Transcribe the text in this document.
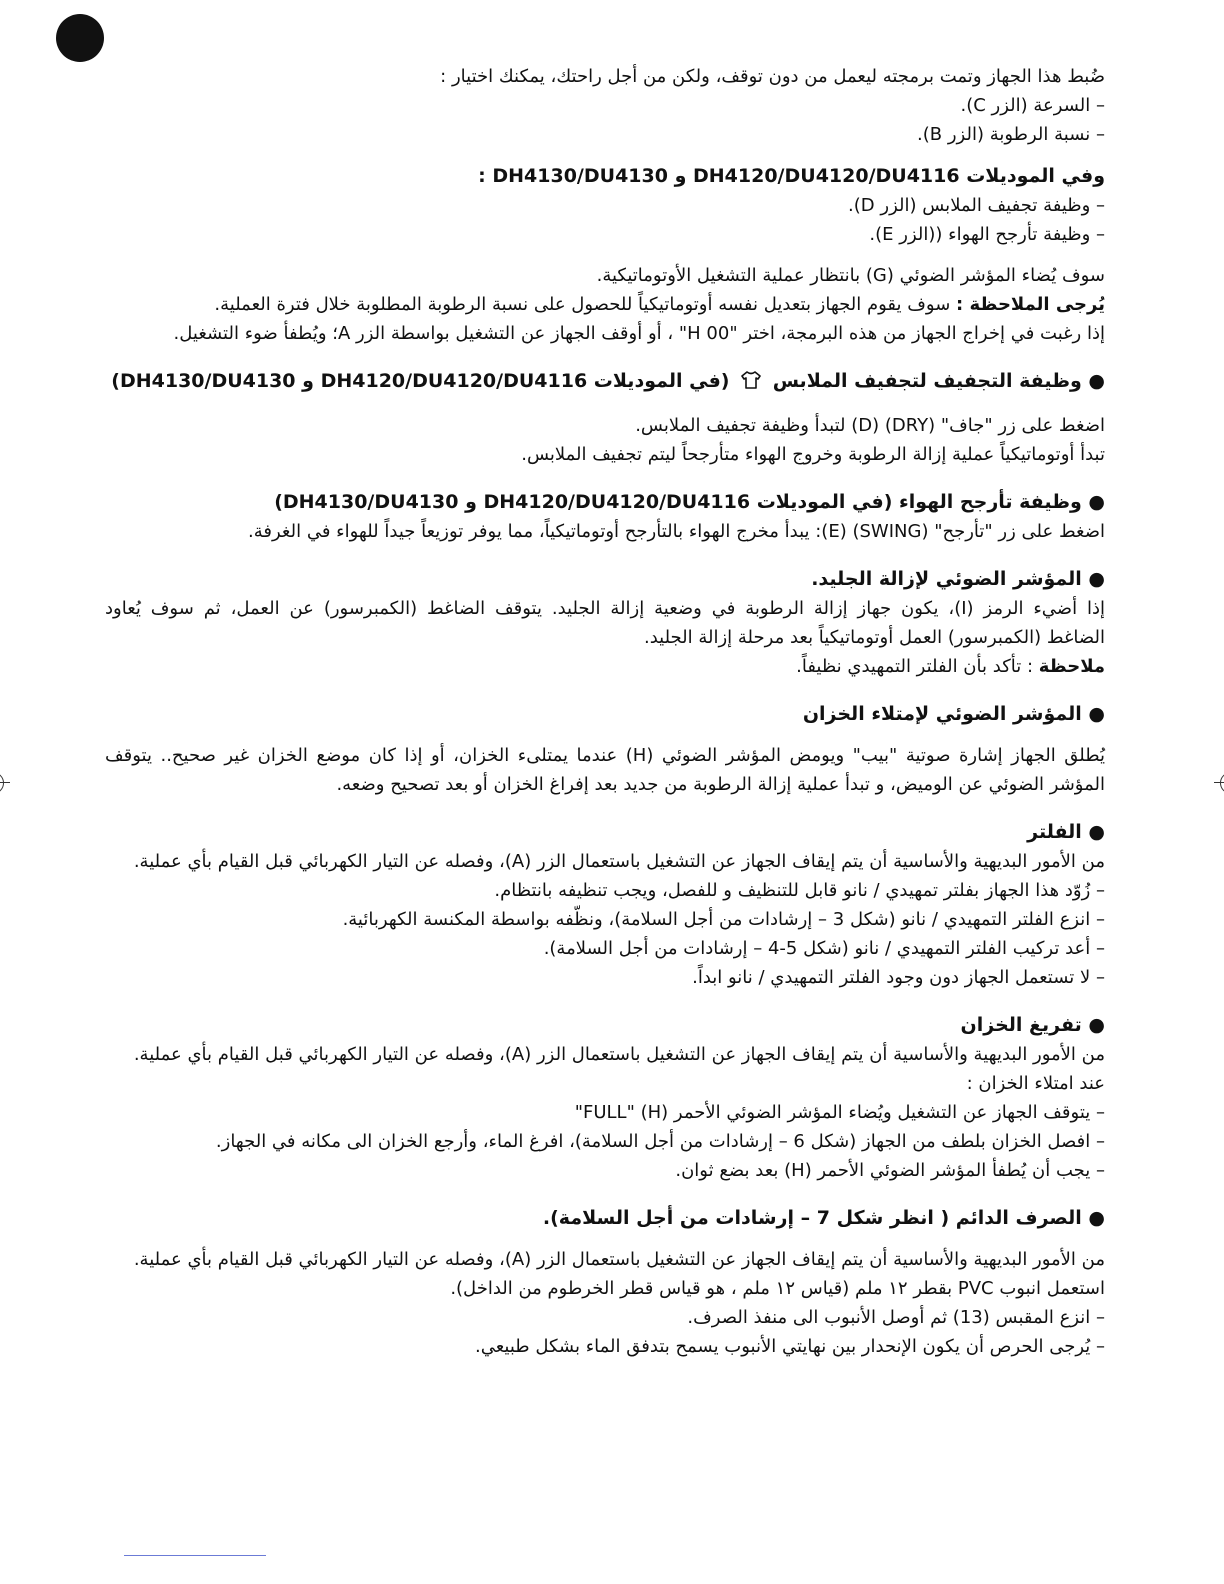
ضُبط هذا الجهاز وتمت برمجته ليعمل من دون توقف، ولكن من أجل راحتك، يمكنك اختيار :
– السرعة (الزر C).
– نسبة الرطوبة (الزر B).
وفي الموديلات DH4120/DU4120/DU4116 و DH4130/DU4130 :
– وظيفة تجفيف الملابس (الزر D).
– وظيفة تأرجح الهواء ((الزر E).
سوف يُضاء المؤشر الضوئي (G) بانتظار عملية التشغيل الأوتوماتيكية.
يُرجى الملاحظة : سوف يقوم الجهاز بتعديل نفسه أوتوماتيكياً للحصول على نسبة الرطوبة المطلوبة خلال فترة العملية.
إذا رغبت في إخراج الجهاز من هذه البرمجة، اختر "H 00" ، أو أوقف الجهاز عن التشغيل بواسطة الزر A؛ ويُطفأ ضوء التشغيل.
● وظيفة التجفيف لتجفيف الملابس  (في الموديلات DH4120/DU4120/DU4116 و DH4130/DU4130)
اضغط على زر "جاف" (DRY) (D) لتبدأ وظيفة تجفيف الملابس.
تبدأ أوتوماتيكياً عملية إزالة الرطوبة وخروج الهواء متأرجحاً ليتم تجفيف الملابس.
● وظيفة تأرجح الهواء (في الموديلات DH4120/DU4120/DU4116 و DH4130/DU4130)
اضغط على زر "تأرجح" (SWING) (E): يبدأ مخرج الهواء بالتأرجح أوتوماتيكياً، مما يوفر توزيعاً جيداً للهواء في الغرفة.
● المؤشر الضوئي لإزالة الجليد.
إذا أضيء الرمز (I)، يكون جهاز إزالة الرطوبة في وضعية إزالة الجليد. يتوقف الضاغط (الكمبرسور) عن العمل، ثم سوف يُعاود
الضاغط (الكمبرسور) العمل أوتوماتيكياً بعد مرحلة إزالة الجليد.
ملاحظة : تأكد بأن الفلتر التمهيدي نظيفاً.
● المؤشر الضوئي لإمتلاء الخزان
يُطلق الجهاز إشارة صوتية "بيب" ويومض المؤشر الضوئي (H) عندما يمتلىء الخزان، أو إذا كان موضع الخزان غير صحيح.. يتوقف
المؤشر الضوئي عن الوميض، و تبدأ عملية إزالة الرطوبة من جديد بعد إفراغ الخزان أو بعد تصحيح وضعه.
● الفلتر
من الأمور البديهية والأساسية أن يتم إيقاف الجهاز عن التشغيل باستعمال الزر (A)، وفصله عن التيار الكهربائي قبل القيام بأي عملية.
– زُوّد هذا الجهاز بفلتر تمهيدي / نانو قابل للتنظيف و للفصل، ويجب تنظيفه بانتظام.
– انزع الفلتر التمهيدي / نانو (شكل 3 – إرشادات من أجل السلامة)، ونظّفه بواسطة المكنسة الكهربائية.
– أعد تركيب الفلتر التمهيدي / نانو (شكل 5-4 – إرشادات من أجل السلامة).
– لا تستعمل الجهاز دون وجود الفلتر التمهيدي / نانو ابداً.
● تفريغ الخزان
من الأمور البديهية والأساسية أن يتم إيقاف الجهاز عن التشغيل باستعمال الزر (A)، وفصله عن التيار الكهربائي قبل القيام بأي عملية.
عند امتلاء الخزان :
– يتوقف الجهاز عن التشغيل ويُضاء المؤشر الضوئي الأحمر (H) "FULL"
– افصل الخزان بلطف من الجهاز (شكل 6 – إرشادات من أجل السلامة)، افرغ الماء، وأرجع الخزان الى مكانه في الجهاز.
– يجب أن يُطفأ المؤشر الضوئي الأحمر (H) بعد بضع ثوان.
● الصرف الدائم ( انظر شكل 7 – إرشادات من أجل السلامة).
من الأمور البديهية والأساسية أن يتم إيقاف الجهاز عن التشغيل باستعمال الزر (A)، وفصله عن التيار الكهربائي قبل القيام بأي عملية.
استعمل انبوب PVC بقطر ١٢ ملم (قياس ١٢ ملم ، هو قياس قطر الخرطوم من الداخل).
– انزع المقبس (13) ثم أوصل الأنبوب الى منفذ الصرف.
– يُرجى الحرص أن يكون الإنحدار بين نهايتي الأنبوب يسمح بتدفق الماء بشكل طبيعي.
